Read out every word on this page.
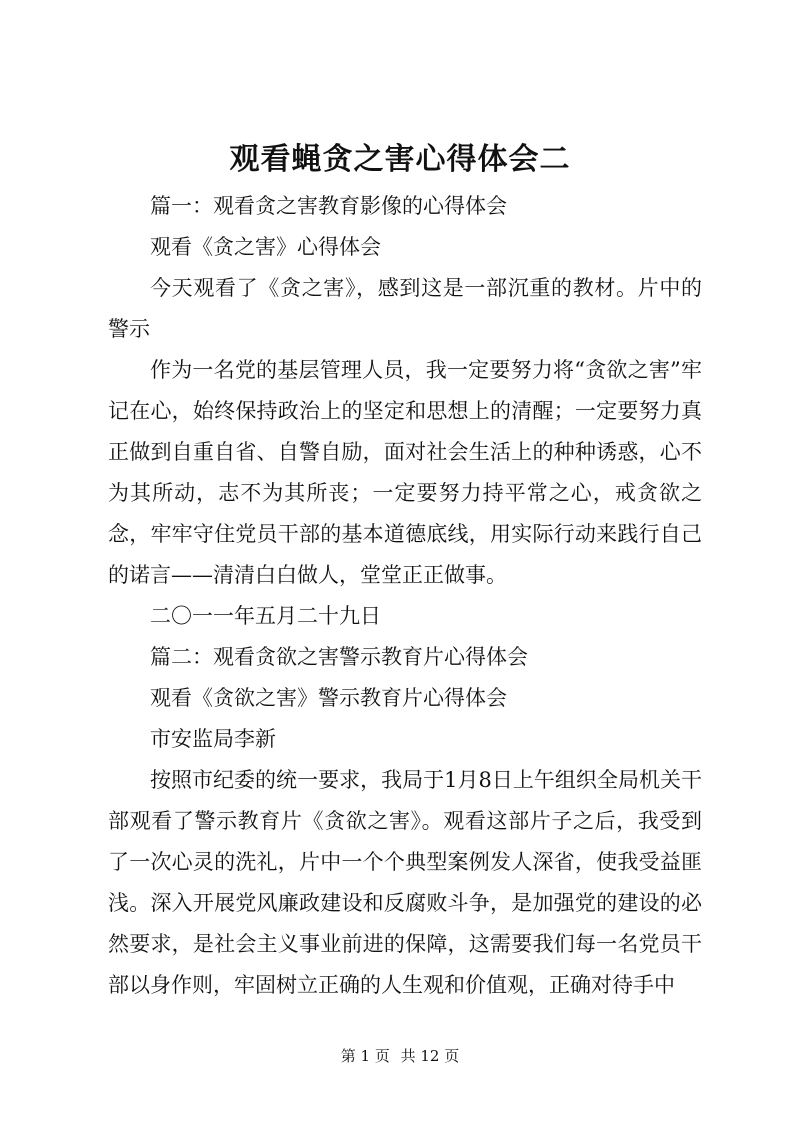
观看蝇贪之害心得体会二

篇一：观看贪之害教育影像的心得体会

观看《贪之害》心得体会

今天观看了《贪之害》，感到这是一部沉重的教材。片中的警示

作为一名党的基层管理人员，我一定要努力将“贪欲之害”牢记在心，始终保持政治上的坚定和思想上的清醒；一定要努力真正做到自重自省、自警自励，面对社会生活上的种种诱惑，心不为其所动，志不为其所丧；一定要努力持平常之心，戒贪欲之念，牢牢守住党员干部的基本道德底线，用实际行动来践行自己的诺言——清清白白做人，堂堂正正做事。

二〇一一年五月二十九日

篇二：观看贪欲之害警示教育片心得体会

观看《贪欲之害》警示教育片心得体会

市安监局李新

按照市纪委的统一要求，我局于1月8日上午组织全局机关干部观看了警示教育片《贪欲之害》。观看这部片子之后，我受到了一次心灵的洗礼，片中一个个典型案例发人深省，使我受益匪浅。深入开展党风廉政建设和反腐败斗争，是加强党的建设的必然要求，是社会主义事业前进的保障，这需要我们每一名党员干部以身作则，牢固树立正确的人生观和价值观，正确对待手中

第 1 页 共 12 页
